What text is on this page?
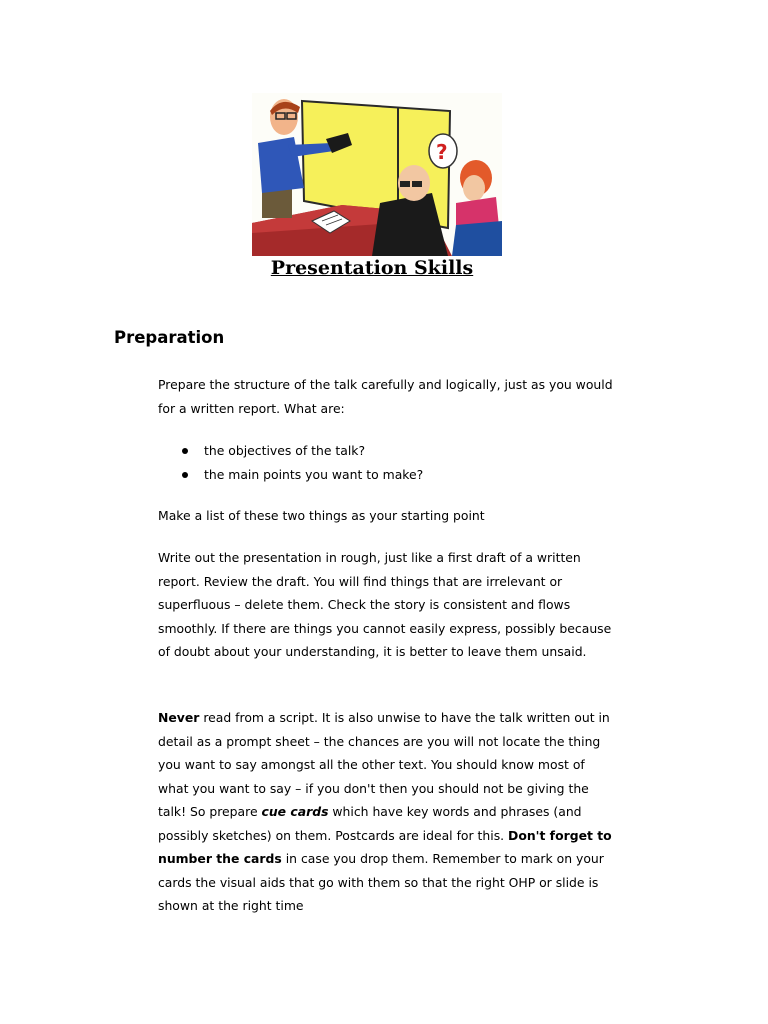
?
Presentation Skills
Preparation

Prepare the structure of the talk carefully and logically, just as you would for a written report. What are:

the objectives of the talk?
the main points you want to make?

Make a list of these two things as your starting point

Write out the presentation in rough, just like a first draft of a written report. Review the draft. You will find things that are irrelevant or superfluous – delete them. Check the story is consistent and flows smoothly. If there are things you cannot easily express, possibly because of doubt about your understanding, it is better to leave them unsaid.

Never read from a script. It is also unwise to have the talk written out in detail as a prompt sheet – the chances are you will not locate the thing you want to say amongst all the other text. You should know most of what you want to say – if you don't then you should not be giving the talk! So prepare cue cards which have key words and phrases (and possibly sketches) on them. Postcards are ideal for this. Don't forget to number the cards in case you drop them. Remember to mark on your cards the visual aids that go with them so that the right OHP or slide is shown at the right time
